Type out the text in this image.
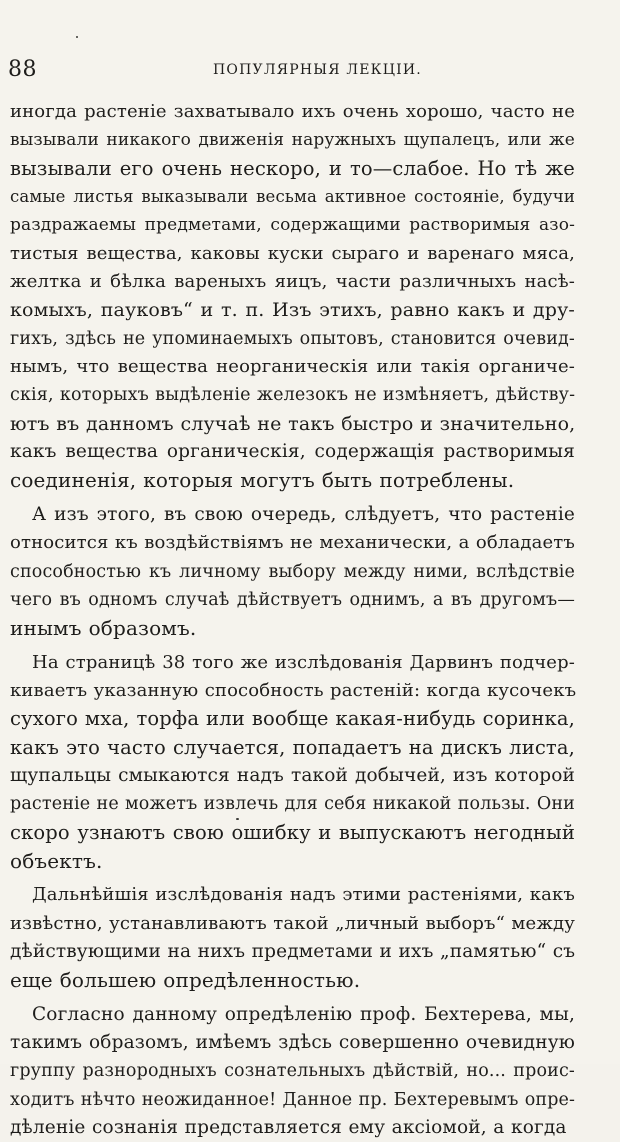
88	ПОПУЛЯРНЫЯ ЛЕКЦІИ.
иногда растеніе захватывало ихъ очень хорошо, часто не
вызывали никакого движенія наружныхъ щупалецъ, или же
вызывали его очень нескоро, и то—слабое. Но тѣ же
самые листья выказывали весьма активное состояніе, будучи
раздражаемы предметами, содержащими растворимыя азо-
тистыя вещества, каковы куски сыраго и варенаго мяса,
желтка и бѣлка вареныхъ яицъ, части различныхъ насѣ-
комыхъ, пауковъ“ и т. п. Изъ этихъ, равно какъ и дру-
гихъ, здѣсь не упоминаемыхъ опытовъ, становится очевид-
нымъ, что вещества неорганическія или такія органиче-
скія, которыхъ выдѣленіе железокъ не измѣняетъ, дѣйству-
ютъ въ данномъ случаѣ не такъ быстро и значительно,
какъ вещества органическія, содержащія растворимыя
соединенія, которыя могутъ быть потреблены.
А изъ этого, въ свою очередь, слѣдуетъ, что растеніе
относится къ воздѣйствіямъ не механически, а обладаетъ
способностью къ личному выбору между ними, вслѣдствіе
чего въ одномъ случаѣ дѣйствуетъ однимъ, а въ другомъ—
инымъ образомъ.
На страницѣ 38 того же изслѣдованія Дарвинъ подчер-
киваетъ указанную способность растеній: когда кусочекъ
сухого мха, торфа или вообще какая-нибудь соринка,
какъ это часто случается, попадаетъ на дискъ листа,
щупальцы смыкаются надъ такой добычей, изъ которой
растеніе не можетъ извлечь для себя никакой пользы. Они
скоро узнаютъ свою ошибку и выпускаютъ негодный
объектъ.
Дальнѣйшія изслѣдованія надъ этими растеніями, какъ
извѣстно, устанавливаютъ такой „личный выборъ“ между
дѣйствующими на нихъ предметами и ихъ „памятью“ съ
еще большею опредѣленностью.
Согласно данному опредѣленію проф. Бехтерева, мы,
такимъ образомъ, имѣемъ здѣсь совершенно очевидную
группу разнородныхъ сознательныхъ дѣйствій, но... проис-
ходитъ нѣчто неожиданное! Данное пр. Бехтеревымъ опре-
дѣленіе сознанія представляется ему аксіомой, а когда
